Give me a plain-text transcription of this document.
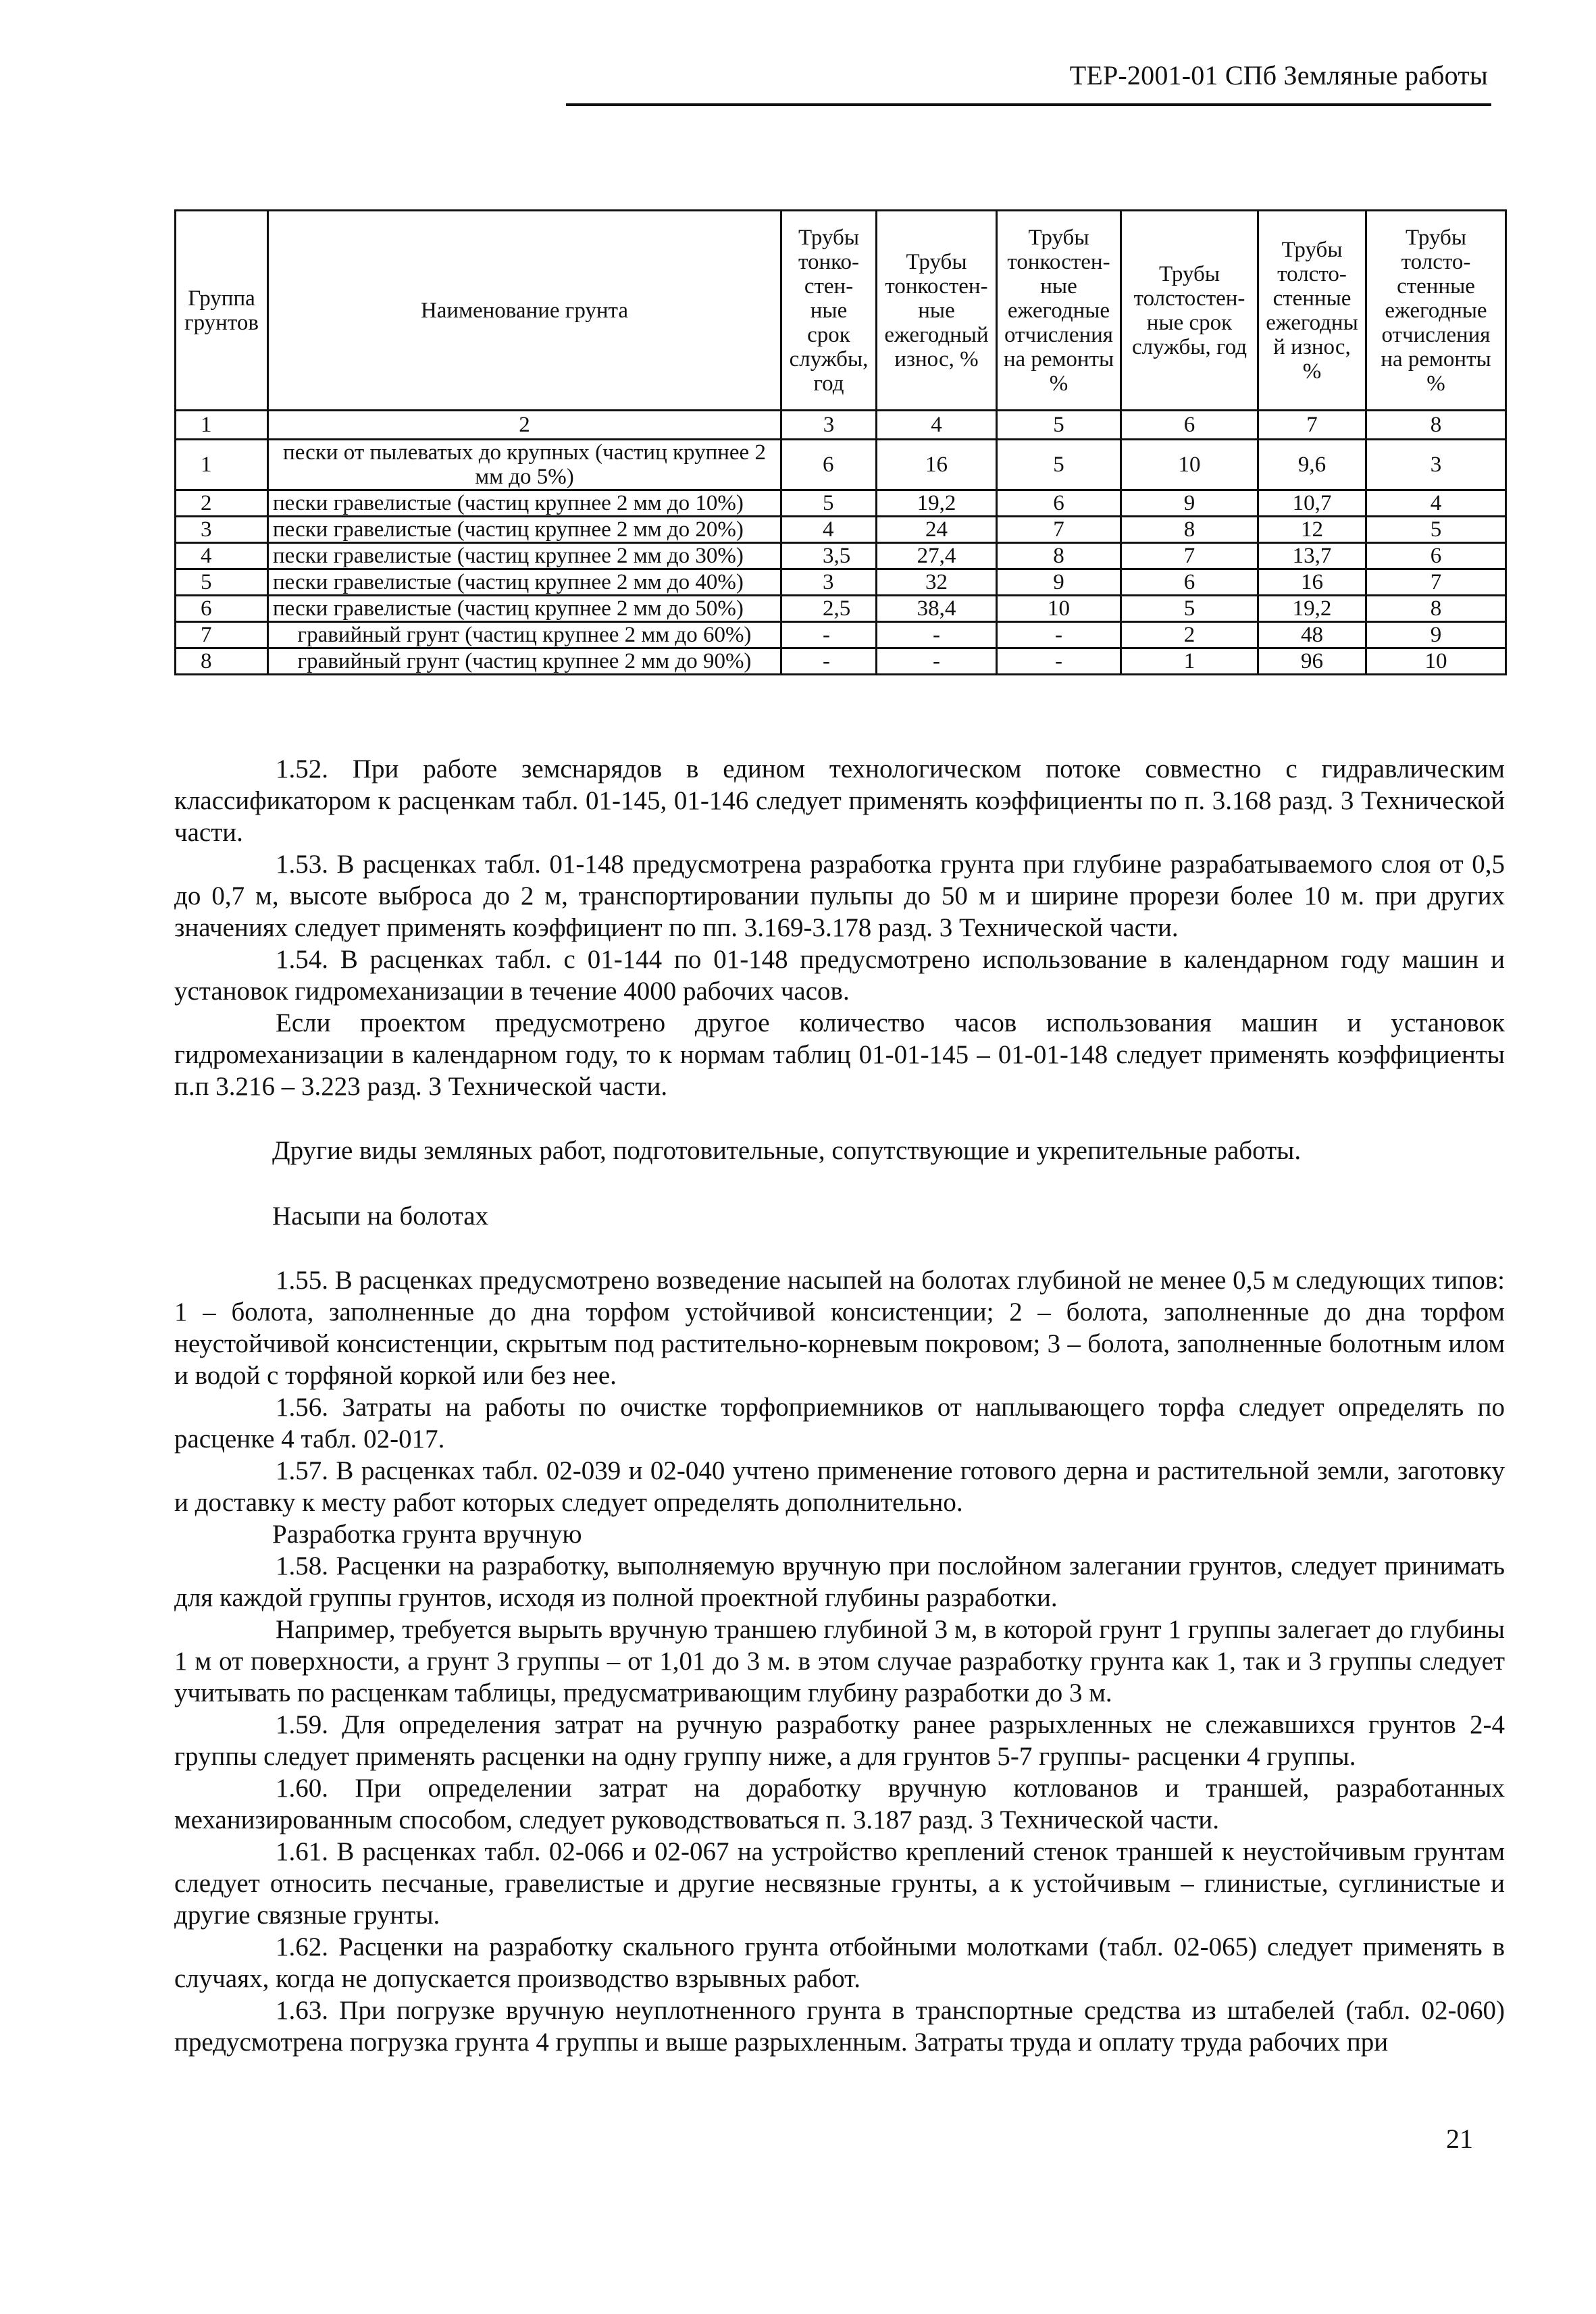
ТЕР-2001-01 СПб Земляные работы
Группа грунтов	Наименование грунта	Трубы тонко-стен-ные срок службы, год	Трубы тонкостен-ные ежегодный износ, %	Трубы тонкостен-ные ежегодные отчисления на ремонты %	Трубы толстостен-ные срок службы, год	Трубы толсто-стенные ежегодны й износ, %	Трубы толсто-стенные ежегодные отчисления на ремонты %
1	2	3	4	5	6	7	8
1	пески от пылеватых до крупных (частиц крупнее 2 мм до 5%)	6	16	5	10	9,6	3
2	пески гравелистые (частиц крупнее 2 мм до 10%)	5	19,2	6	9	10,7	4
3	пески гравелистые (частиц крупнее 2 мм до 20%)	4	24	7	8	12	5
4	пески гравелистые (частиц крупнее 2 мм до 30%)	3,5	27,4	8	7	13,7	6
5	пески гравелистые (частиц крупнее 2 мм до 40%)	3	32	9	6	16	7
6	пески гравелистые (частиц крупнее 2 мм до 50%)	2,5	38,4	10	5	19,2	8
7	гравийный грунт (частиц крупнее 2 мм до 60%)	-	-	-	2	48	9
8	гравийный грунт (частиц крупнее 2 мм до 90%)	-	-	-	1	96	10

1.52. При работе земснарядов в едином технологическом потоке совместно с гидравлическим классификатором к расценкам табл. 01-145, 01-146 следует применять коэффициенты по п. 3.168 разд. 3 Технической части.

1.53. В расценках табл. 01-148 предусмотрена разработка грунта при глубине разрабатываемого слоя от 0,5 до 0,7 м, высоте выброса до 2 м, транспортировании пульпы до 50 м и ширине прорези более 10 м. при других значениях следует применять коэффициент по пп. 3.169-3.178 разд. 3 Технической части.

1.54. В расценках табл. с 01-144 по 01-148 предусмотрено использование в календарном году машин и установок гидромеханизации в течение 4000 рабочих часов.

Если проектом предусмотрено другое количество часов использования машин и установок гидромеханизации в календарном году, то к нормам таблиц 01-01-145 – 01-01-148 следует применять коэффициенты п.п 3.216 – 3.223 разд. 3 Технической части.

Другие виды земляных работ, подготовительные, сопутствующие и укрепительные работы.

Насыпи на болотах

1.55. В расценках предусмотрено возведение насыпей на болотах глубиной не менее 0,5 м следующих типов: 1 – болота, заполненные до дна торфом устойчивой консистенции; 2 – болота, заполненные до дна торфом неустойчивой консистенции, скрытым под растительно-корневым покровом; 3 – болота, заполненные болотным илом и водой с торфяной коркой или без нее.

1.56. Затраты на работы по очистке торфоприемников от наплывающего торфа следует определять по расценке 4 табл. 02-017.

1.57. В расценках табл. 02-039 и 02-040 учтено применение готового дерна и растительной земли, заготовку и доставку к месту работ которых следует определять дополнительно.

Разработка грунта вручную

1.58. Расценки на разработку, выполняемую вручную при послойном залегании грунтов, следует принимать для каждой группы грунтов, исходя из полной проектной глубины разработки.

Например, требуется вырыть вручную траншею глубиной 3 м, в которой грунт 1 группы залегает до глубины 1 м от поверхности, а грунт 3 группы – от 1,01 до 3 м. в этом случае разработку грунта как 1, так и 3 группы следует учитывать по расценкам таблицы, предусматривающим глубину разработки до 3 м.

1.59. Для определения затрат на ручную разработку ранее разрыхленных не слежавшихся грунтов 2-4 группы следует применять расценки на одну группу ниже, а для грунтов 5-7 группы- расценки 4 группы.

1.60. При определении затрат на доработку вручную котлованов и траншей, разработанных механизированным способом, следует руководствоваться п. 3.187 разд. 3 Технической части.

1.61. В расценках табл. 02-066 и 02-067 на устройство креплений стенок траншей к неустойчивым грунтам следует относить песчаные, гравелистые и другие несвязные грунты, а к устойчивым – глинистые, суглинистые и другие связные грунты.

1.62. Расценки на разработку скального грунта отбойными молотками (табл. 02-065) следует применять в случаях, когда не допускается производство взрывных работ.

1.63. При погрузке вручную неуплотненного грунта в транспортные средства из штабелей (табл. 02-060) предусмотрена погрузка грунта 4 группы и выше разрыхленным. Затраты труда и оплату труда рабочих при

21
